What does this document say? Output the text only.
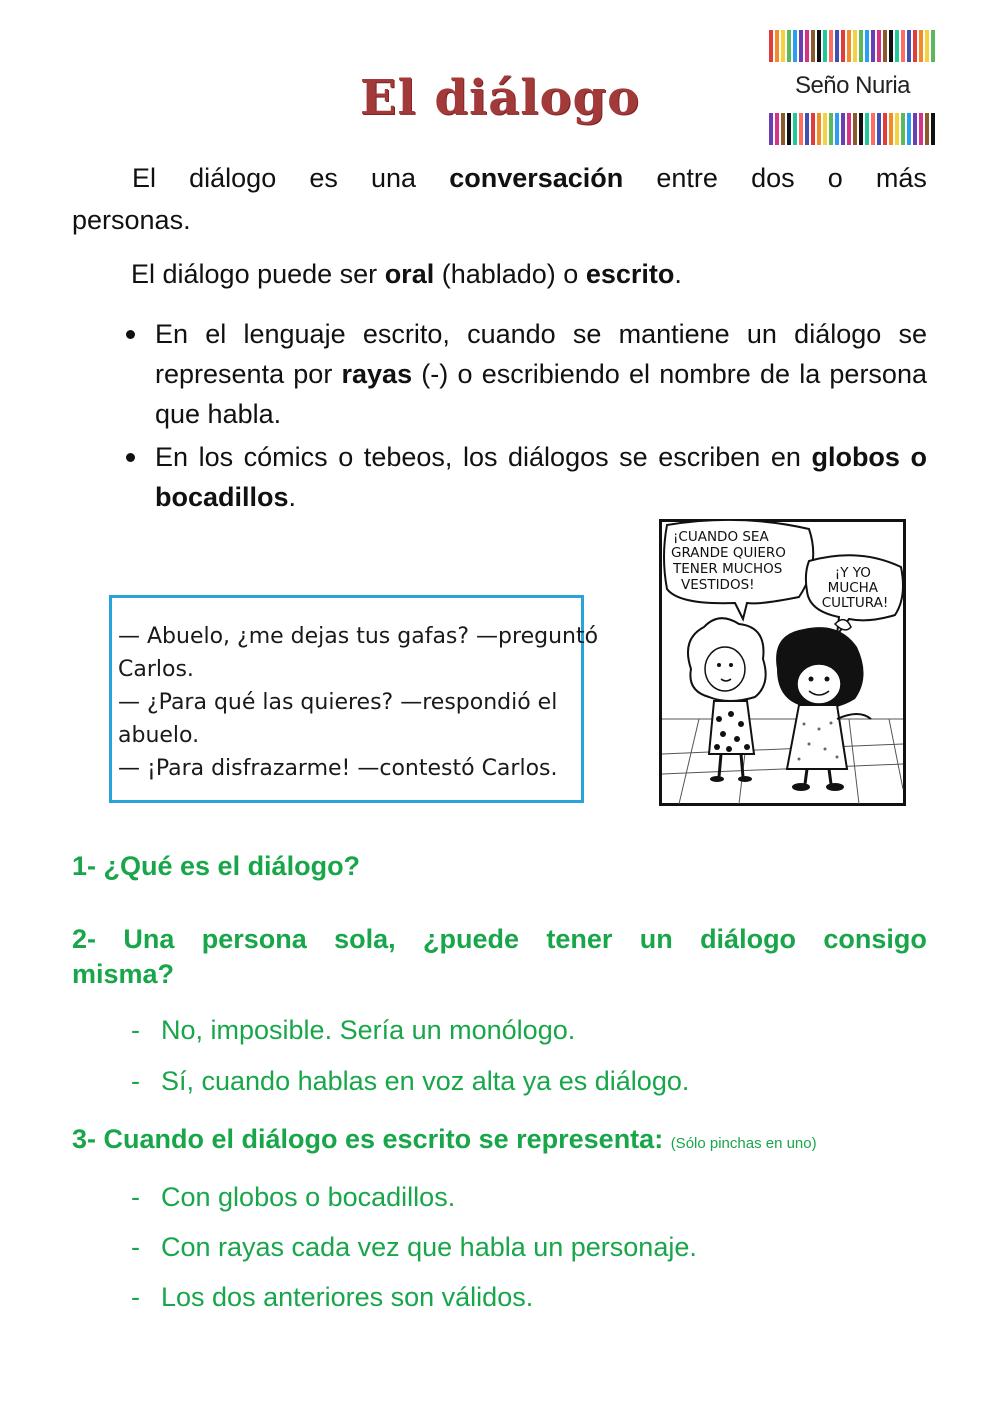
El diálogo	Seño Nuria
El diálogo es una conversación entre dos o más
personas.
El diálogo puede ser oral (hablado) o escrito.
En el lenguaje escrito, cuando se mantiene un diálogo se representa por rayas (-) o escribiendo el nombre de la persona que habla.
En los cómics o tebeos, los diálogos se escriben en globos o bocadillos.
— Abuelo, ¿me dejas tus gafas? —preguntó
Carlos.
— ¿Para qué las quieres? —respondió el
abuelo.
— ¡Para disfrazarme! —contestó Carlos.
¡CUANDO SEA GRANDE QUIERO TENER MUCHOS VESTIDOS!
¡Y YO MUCHA CULTURA!
1- ¿Qué es el diálogo?
2- Una persona sola, ¿puede tener un diálogo consigo
misma?
- No, imposible. Sería un monólogo.
- Sí, cuando hablas en voz alta ya es diálogo.
3- Cuando el diálogo es escrito se representa: (Sólo pinchas en uno)
- Con globos o bocadillos.
- Con rayas cada vez que habla un personaje.
- Los dos anteriores son válidos.
